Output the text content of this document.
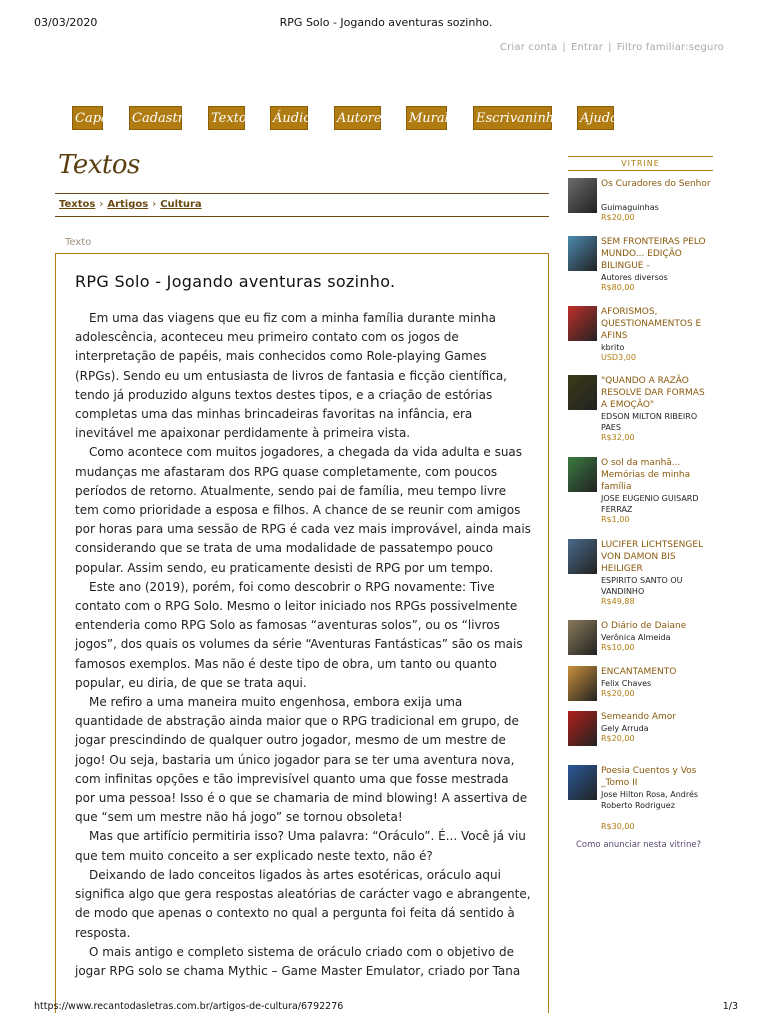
03/03/2020	RPG Solo - Jogando aventuras sozinho.
Criar conta | Entrar | Filtro familiar:seguro
Capa Cadastro Textos Áudio Autores Mural Escrivaninha Ajuda
Textos
Textos › Artigos › Cultura
Texto
RPG Solo - Jogando aventuras sozinho.

Em uma das viagens que eu fiz com a minha família durante minha adolescência, aconteceu meu primeiro contato com os jogos de interpretação de papéis, mais conhecidos como Role-playing Games (RPGs). Sendo eu um entusiasta de livros de fantasia e ficção científica, tendo já produzido alguns textos destes tipos, e a criação de estórias completas uma das minhas brincadeiras favoritas na infância, era inevitável me apaixonar perdidamente à primeira vista.

Como acontece com muitos jogadores, a chegada da vida adulta e suas mudanças me afastaram dos RPG quase completamente, com poucos períodos de retorno. Atualmente, sendo pai de família, meu tempo livre tem como prioridade a esposa e filhos. A chance de se reunir com amigos por horas para uma sessão de RPG é cada vez mais improvável, ainda mais considerando que se trata de uma modalidade de passatempo pouco popular. Assim sendo, eu praticamente desisti de RPG por um tempo.

Este ano (2019), porém, foi como descobrir o RPG novamente: Tive contato com o RPG Solo. Mesmo o leitor iniciado nos RPGs possivelmente entenderia como RPG Solo as famosas “aventuras solos”, ou os “livros jogos”, dos quais os volumes da série “Aventuras Fantásticas” são os mais famosos exemplos. Mas não é deste tipo de obra, um tanto ou quanto popular, eu diria, de que se trata aqui.

Me refiro a uma maneira muito engenhosa, embora exija uma quantidade de abstração ainda maior que o RPG tradicional em grupo, de jogar prescindindo de qualquer outro jogador, mesmo de um mestre de jogo! Ou seja, bastaria um único jogador para se ter uma aventura nova, com infinitas opções e tão imprevisível quanto uma que fosse mestrada por uma pessoa! Isso é o que se chamaria de mind blowing! A assertiva de que “sem um mestre não há jogo” se tornou obsoleta!

Mas que artifício permitiria isso? Uma palavra: “Oráculo”. É... Você já viu que tem muito conceito a ser explicado neste texto, não é?

Deixando de lado conceitos ligados às artes esotéricas, oráculo aqui significa algo que gera respostas aleatórias de carácter vago e abrangente, de modo que apenas o contexto no qual a pergunta foi feita dá sentido à resposta.

O mais antigo e completo sistema de oráculo criado com o objetivo de jogar RPG solo se chama Mythic – Game Master Emulator, criado por Tana

VITRINE
Os Curadores do Senhor
Guimaguinhas
R$20,00
SEM FRONTEIRAS PELO MUNDO... EDIÇÃO BILINGUE -
Autores diversos
R$80,00
AFORISMOS, QUESTIONAMENTOS E AFINS
kbrito
USD3,00
"QUANDO A RAZÃO RESOLVE DAR FORMAS A EMOÇÃO"
EDSON MILTON RIBEIRO PAES
R$32,00
O sol da manhã... Memórias de minha família
JOSE EUGENIO GUISARD FERRAZ
R$1,00
LUCIFER LICHTSENGEL VON DAMON BIS HEILIGER
ESPIRITO SANTO OU VANDINHO
R$49,88
O Diário de Daiane
Verônica Almeida
R$10,00
ENCANTAMENTO
Felix Chaves
R$20,00
Semeando Amor
Gely Arruda
R$20,00
Poesia Cuentos y Vos _Tomo II
Jose Hilton Rosa, Andrés Roberto Rodriguez
R$30,00
Como anunciar nesta vitrine?
https://www.recantodasletras.com.br/artigos-de-cultura/6792276	1/3
